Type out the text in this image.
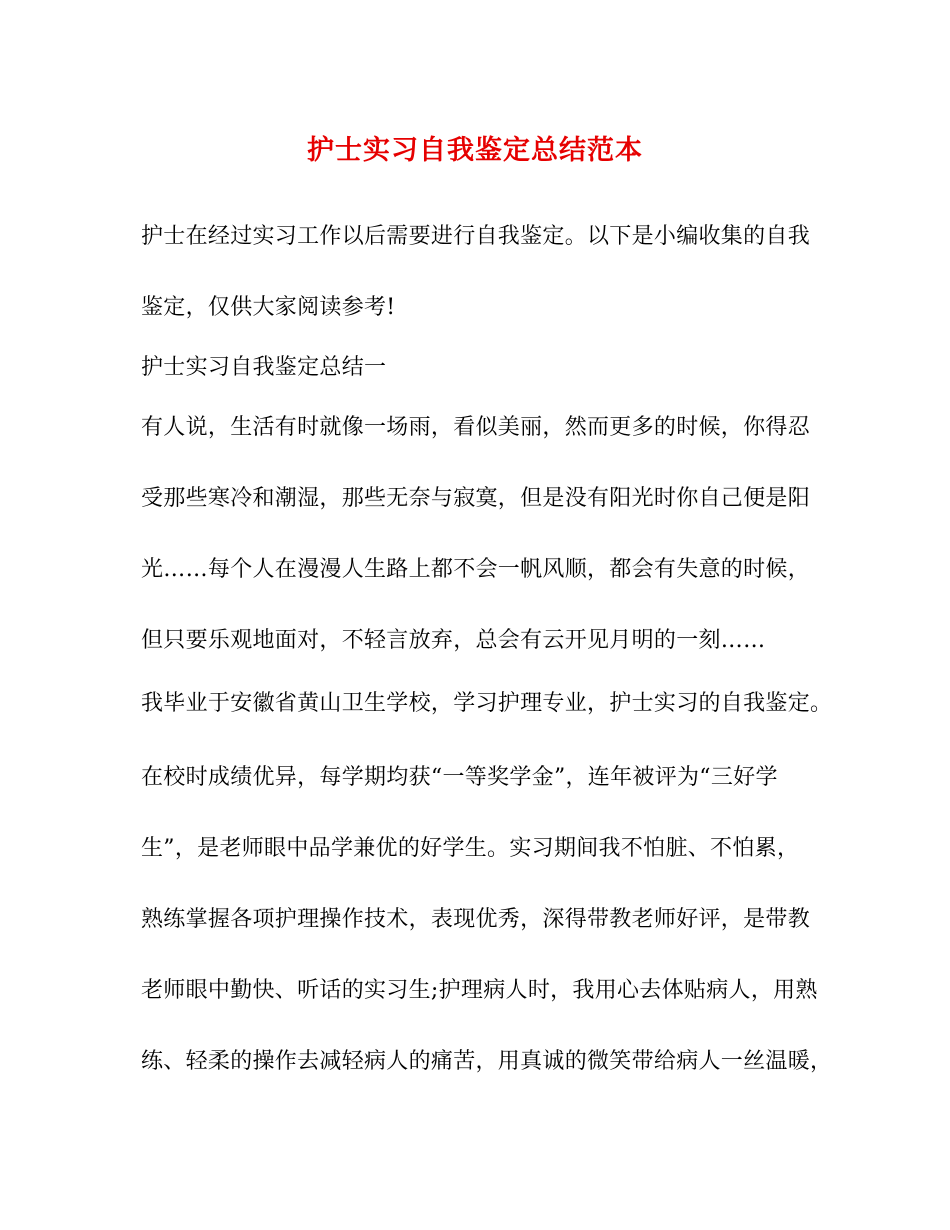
护士实习自我鉴定总结范本
护士在经过实习工作以后需要进行自我鉴定。以下是小编收集的自我
鉴定，仅供大家阅读参考!
护士实习自我鉴定总结一
有人说，生活有时就像一场雨，看似美丽，然而更多的时候，你得忍
受那些寒冷和潮湿，那些无奈与寂寞，但是没有阳光时你自己便是阳
光……每个人在漫漫人生路上都不会一帆风顺，都会有失意的时候，
但只要乐观地面对，不轻言放弃，总会有云开见月明的一刻……
我毕业于安徽省黄山卫生学校，学习护理专业，护士实习的自我鉴定。
在校时成绩优异，每学期均获“一等奖学金”，连年被评为“三好学
生”，是老师眼中品学兼优的好学生。实习期间我不怕脏、不怕累，
熟练掌握各项护理操作技术，表现优秀，深得带教老师好评，是带教
老师眼中勤快、听话的实习生;护理病人时，我用心去体贴病人，用熟
练、轻柔的操作去减轻病人的痛苦，用真诚的微笑带给病人一丝温暖，
